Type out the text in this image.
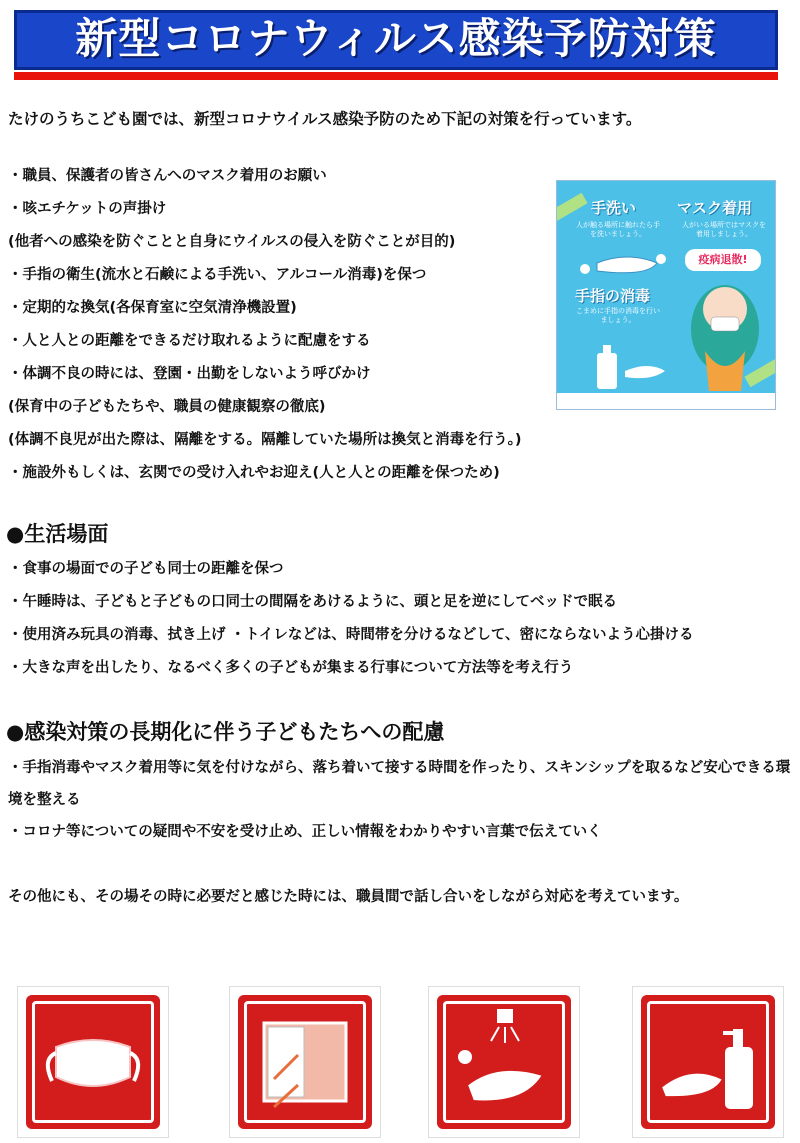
新型コロナウィルス感染予防対策
たけのうちこども園では、新型コロナウイルス感染予防のため下記の対策を行っています。
・職員、保護者の皆さんへのマスク着用のお願い
・咳エチケットの声掛け
(他者への感染を防ぐことと自身にウイルスの侵入を防ぐことが目的)
・手指の衛生(流水と石鹸による手洗い、アルコール消毒)を保つ
・定期的な換気(各保育室に空気清浄機設置)
・人と人との距離をできるだけ取れるように配慮をする
・体調不良の時には、登園・出勤をしないよう呼びかけ
(保育中の子どもたちや、職員の健康観察の徹底)
(体調不良児が出た際は、隔離をする。隔離していた場所は換気と消毒を行う。)
・施設外もしくは、玄関での受け入れやお迎え(人と人との距離を保つため)
手洗い
人が触る場所に触れたら手を洗いましょう。
マスク着用
人がいる場所ではマスクを着用しましょう。
疫病退散!
手指の消毒
こまめに手指の消毒を行いましょう。
●生活場面
・食事の場面での子ども同士の距離を保つ
・午睡時は、子どもと子どもの口同士の間隔をあけるように、頭と足を逆にしてベッドで眠る
・使用済み玩具の消毒、拭き上げ ・トイレなどは、時間帯を分けるなどして、密にならないよう心掛ける
・大きな声を出したり、なるべく多くの子どもが集まる行事について方法等を考え行う
●感染対策の長期化に伴う子どもたちへの配慮
・手指消毒やマスク着用等に気を付けながら、落ち着いて接する時間を作ったり、スキンシップを取るなど安心できる環境を整える
・コロナ等についての疑問や不安を受け止め、正しい情報をわかりやすい言葉で伝えていく
その他にも、その場その時に必要だと感じた時には、職員間で話し合いをしながら対応を考えています。
